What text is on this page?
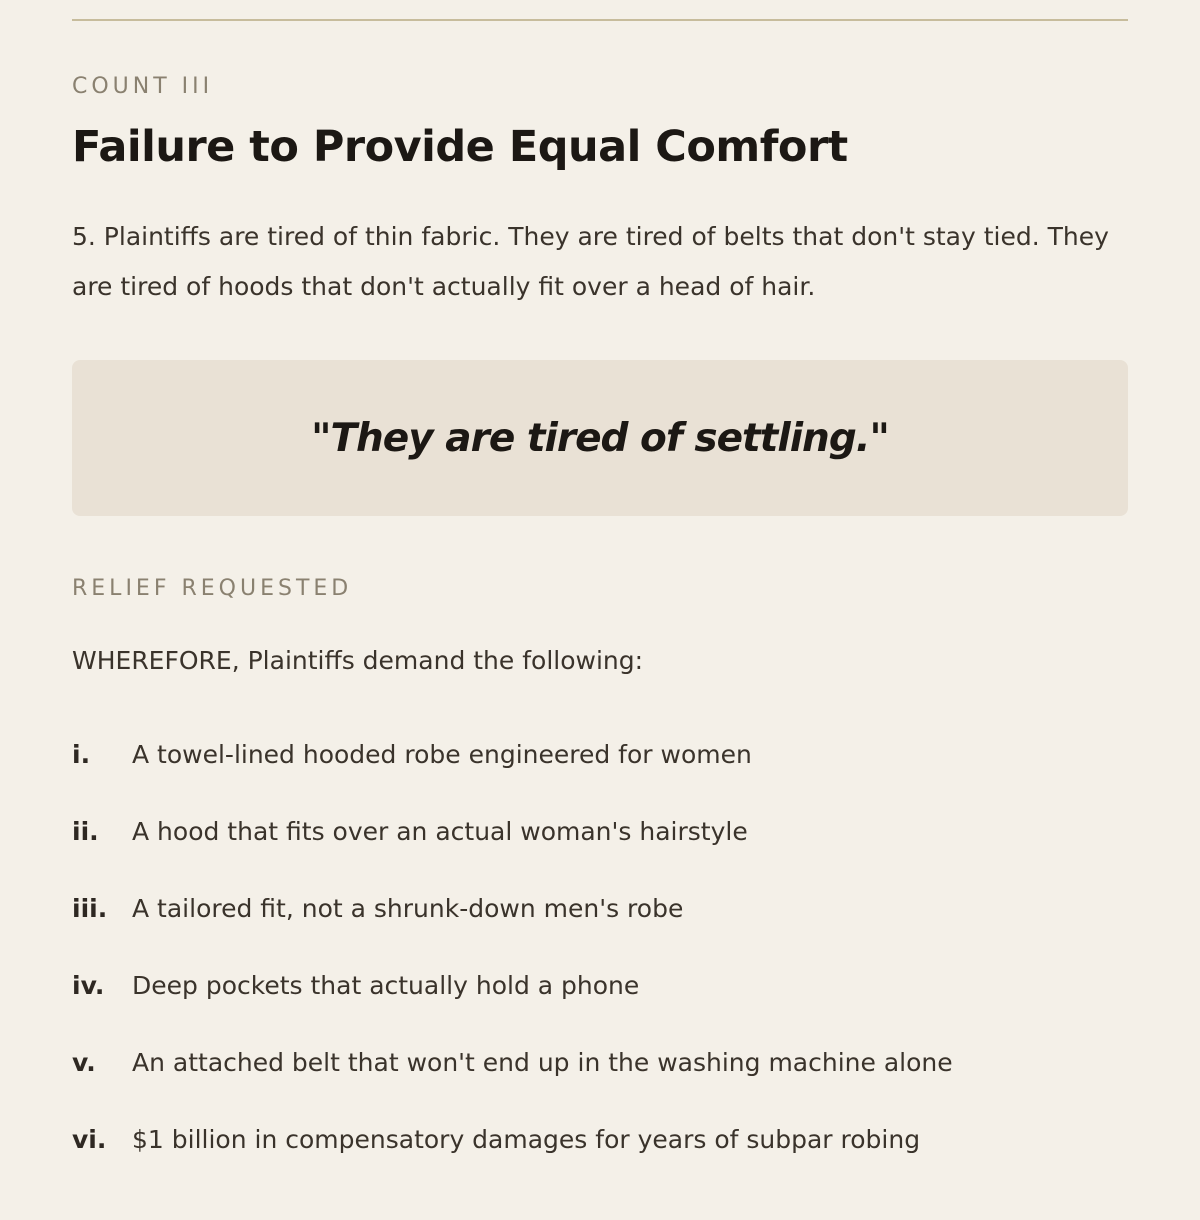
COUNT III
Failure to Provide Equal Comfort

5. Plaintiffs are tired of thin fabric. They are tired of belts that don't stay tied. They are tired of hoods that don't actually fit over a head of hair.

"They are tired of settling."
RELIEF REQUESTED

WHEREFORE, Plaintiffs demand the following:

i.	A towel-lined hooded robe engineered for women
ii.	A hood that fits over an actual woman's hairstyle
iii. A tailored fit, not a shrunk-down men's robe
iv.	Deep pockets that actually hold a phone
v.	An attached belt that won't end up in the washing machine alone
vi.	$1 billion in compensatory damages for years of subpar robing
